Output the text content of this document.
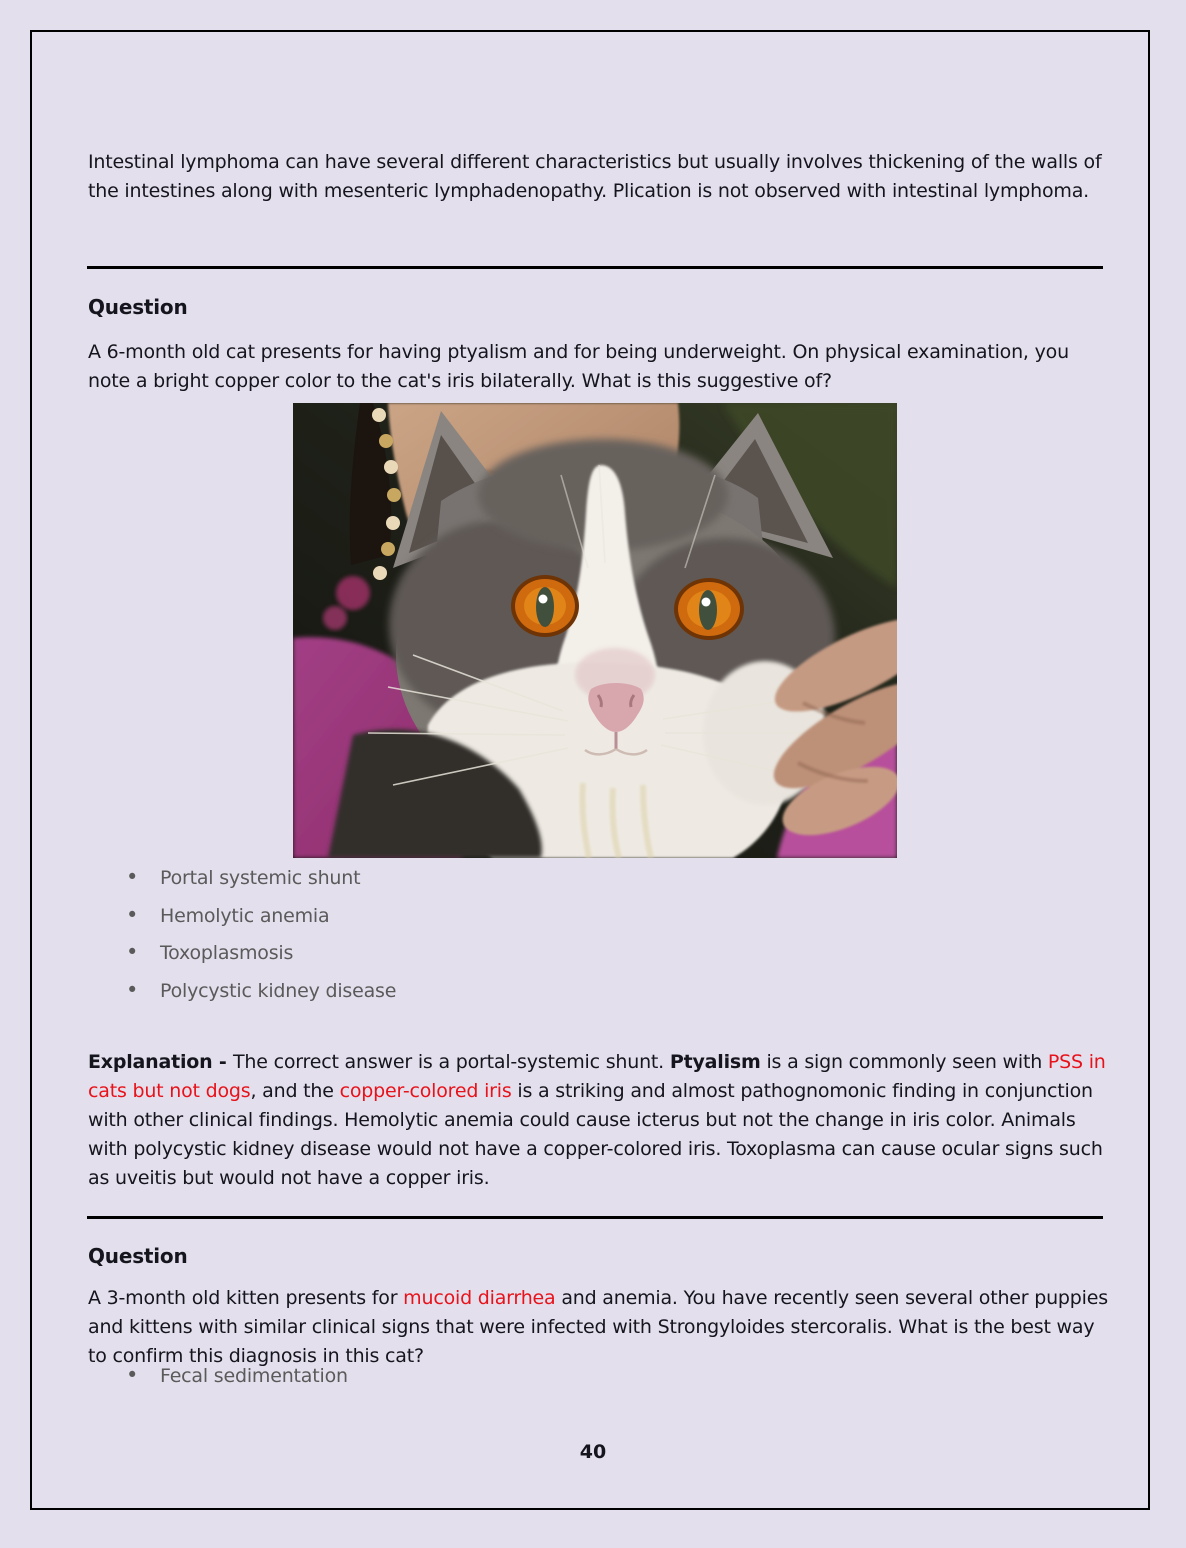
Intestinal lymphoma can have several different characteristics but usually involves thickening of the walls of the intestines along with mesenteric lymphadenopathy. Plication is not observed with intestinal lymphoma.

Question

A 6-month old cat presents for having ptyalism and for being underweight. On physical examination, you note a bright copper color to the cat's iris bilaterally. What is this suggestive of?

• Portal systemic shunt
• Hemolytic anemia
• Toxoplasmosis
• Polycystic kidney disease

Explanation - The correct answer is a portal-systemic shunt. Ptyalism is a sign commonly seen with PSS in cats but not dogs, and the copper-colored iris is a striking and almost pathognomonic finding in conjunction with other clinical findings. Hemolytic anemia could cause icterus but not the change in iris color. Animals with polycystic kidney disease would not have a copper-colored iris. Toxoplasma can cause ocular signs such as uveitis but would not have a copper iris.

Question

A 3-month old kitten presents for mucoid diarrhea and anemia. You have recently seen several other puppies and kittens with similar clinical signs that were infected with Strongyloides stercoralis. What is the best way to confirm this diagnosis in this cat?

• Fecal sedimentation
40
